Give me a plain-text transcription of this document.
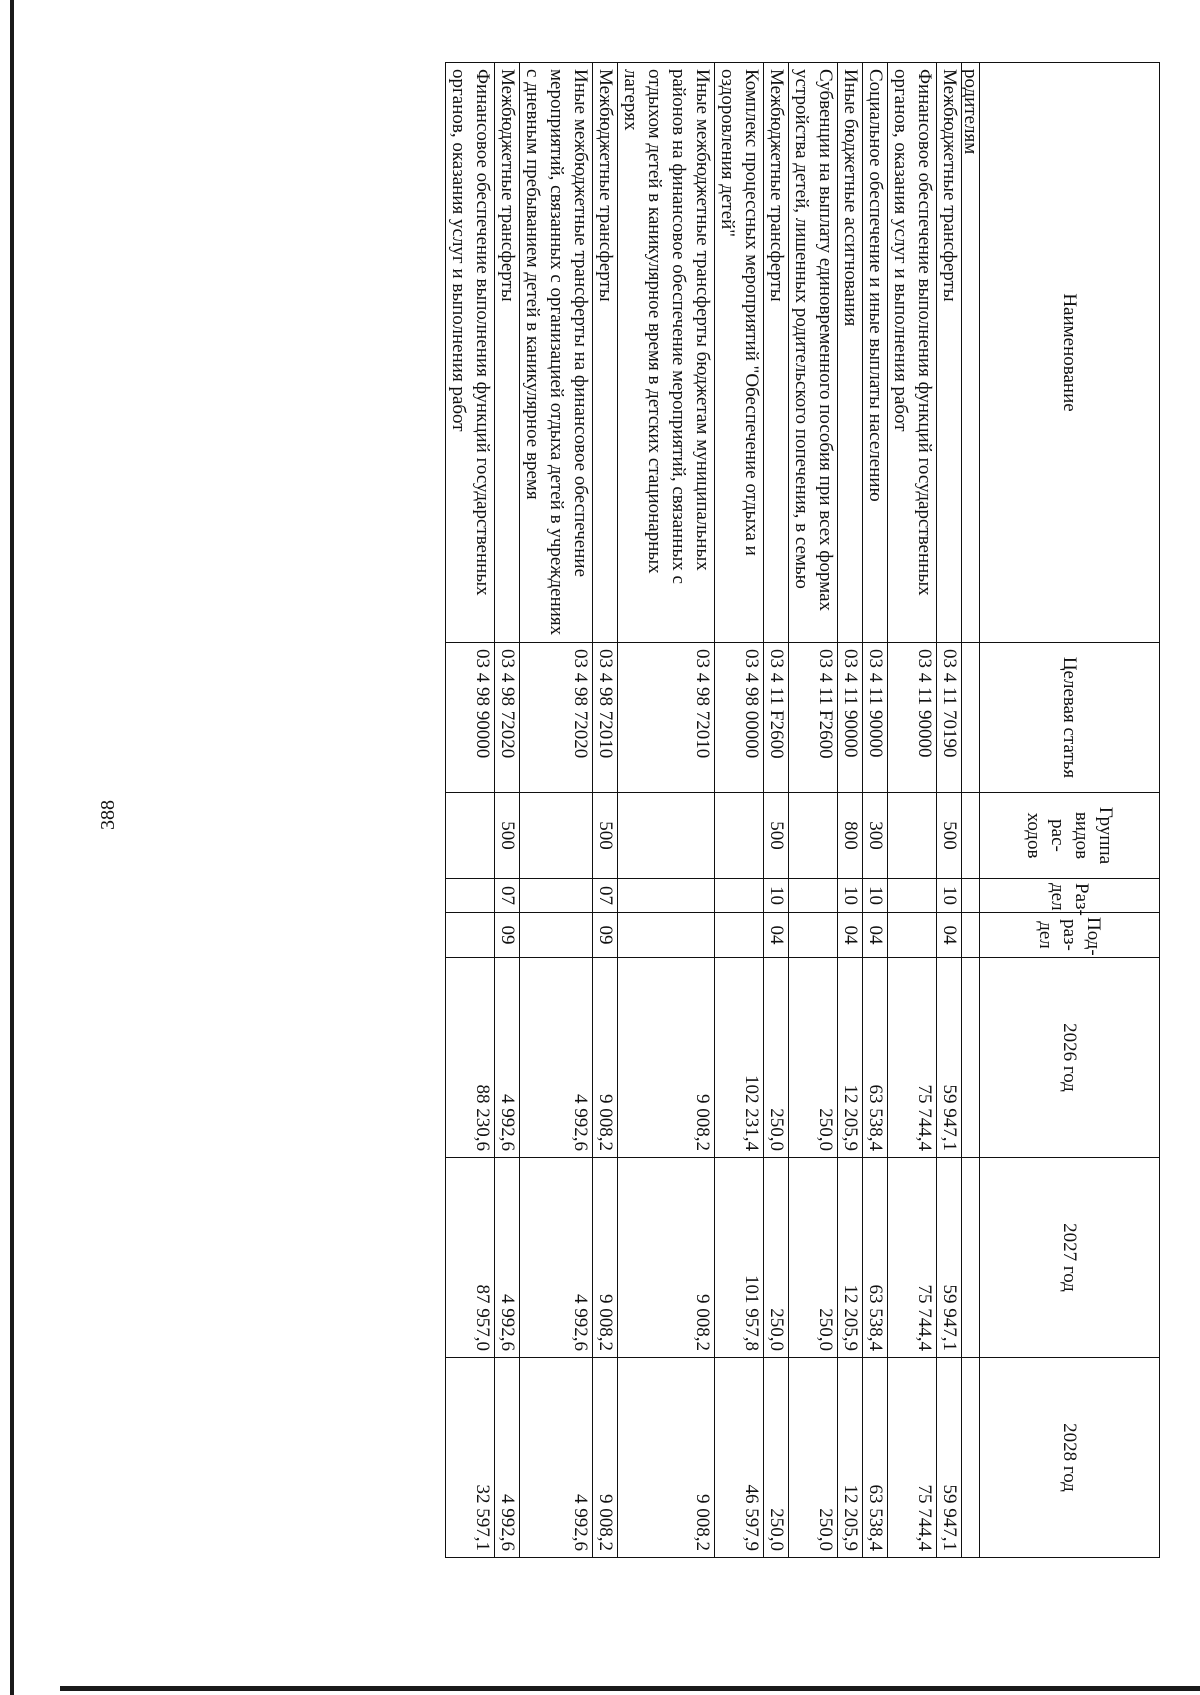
388
Наименование	Целевая статья	Группа видов рас-ходов	Раз-дел	Под-раз-дел	2026 год	2027 год	2028 год
родителям							
Межбюджетные трансферты	03 4 11 70190	500	10	04	59 947,1	59 947,1	59 947,1
Финансовое обеспечение выполнения функций государственных органов, оказания услуг и выполнения работ	03 4 11 90000				75 744,4	75 744,4	75 744,4
Социальное обеспечение и иные выплаты населению	03 4 11 90000	300	10	04	63 538,4	63 538,4	63 538,4
Иные бюджетные ассигнования	03 4 11 90000	800	10	04	12 205,9	12 205,9	12 205,9
Субвенции на выплату единовременного пособия при всех формах устройства детей, лишенных родительского попечения, в семью	03 4 11 F2600				250,0	250,0	250,0
Межбюджетные трансферты	03 4 11 F2600	500	10	04	250,0	250,0	250,0
Комплекс процессных мероприятий "Обеспечение отдыха и оздоровления детей"	03 4 98 00000				102 231,4	101 957,8	46 597,9
Иные межбюджетные трансферты бюджетам муниципальных районов на финансовое обеспечение мероприятий, связанных с отдыхом детей в каникулярное время в детских стационарных лагерях	03 4 98 72010				9 008,2	9 008,2	9 008,2
Межбюджетные трансферты	03 4 98 72010	500	07	09	9 008,2	9 008,2	9 008,2
Иные межбюджетные трансферты на финансовое обеспечение мероприятий, связанных с организацией отдыха детей в учреждениях с дневным пребыванием детей в каникулярное время	03 4 98 72020				4 992,6	4 992,6	4 992,6
Межбюджетные трансферты	03 4 98 72020	500	07	09	4 992,6	4 992,6	4 992,6
Финансовое обеспечение выполнения функций государственных органов, оказания услуг и выполнения работ	03 4 98 90000				88 230,6	87 957,0	32 597,1
